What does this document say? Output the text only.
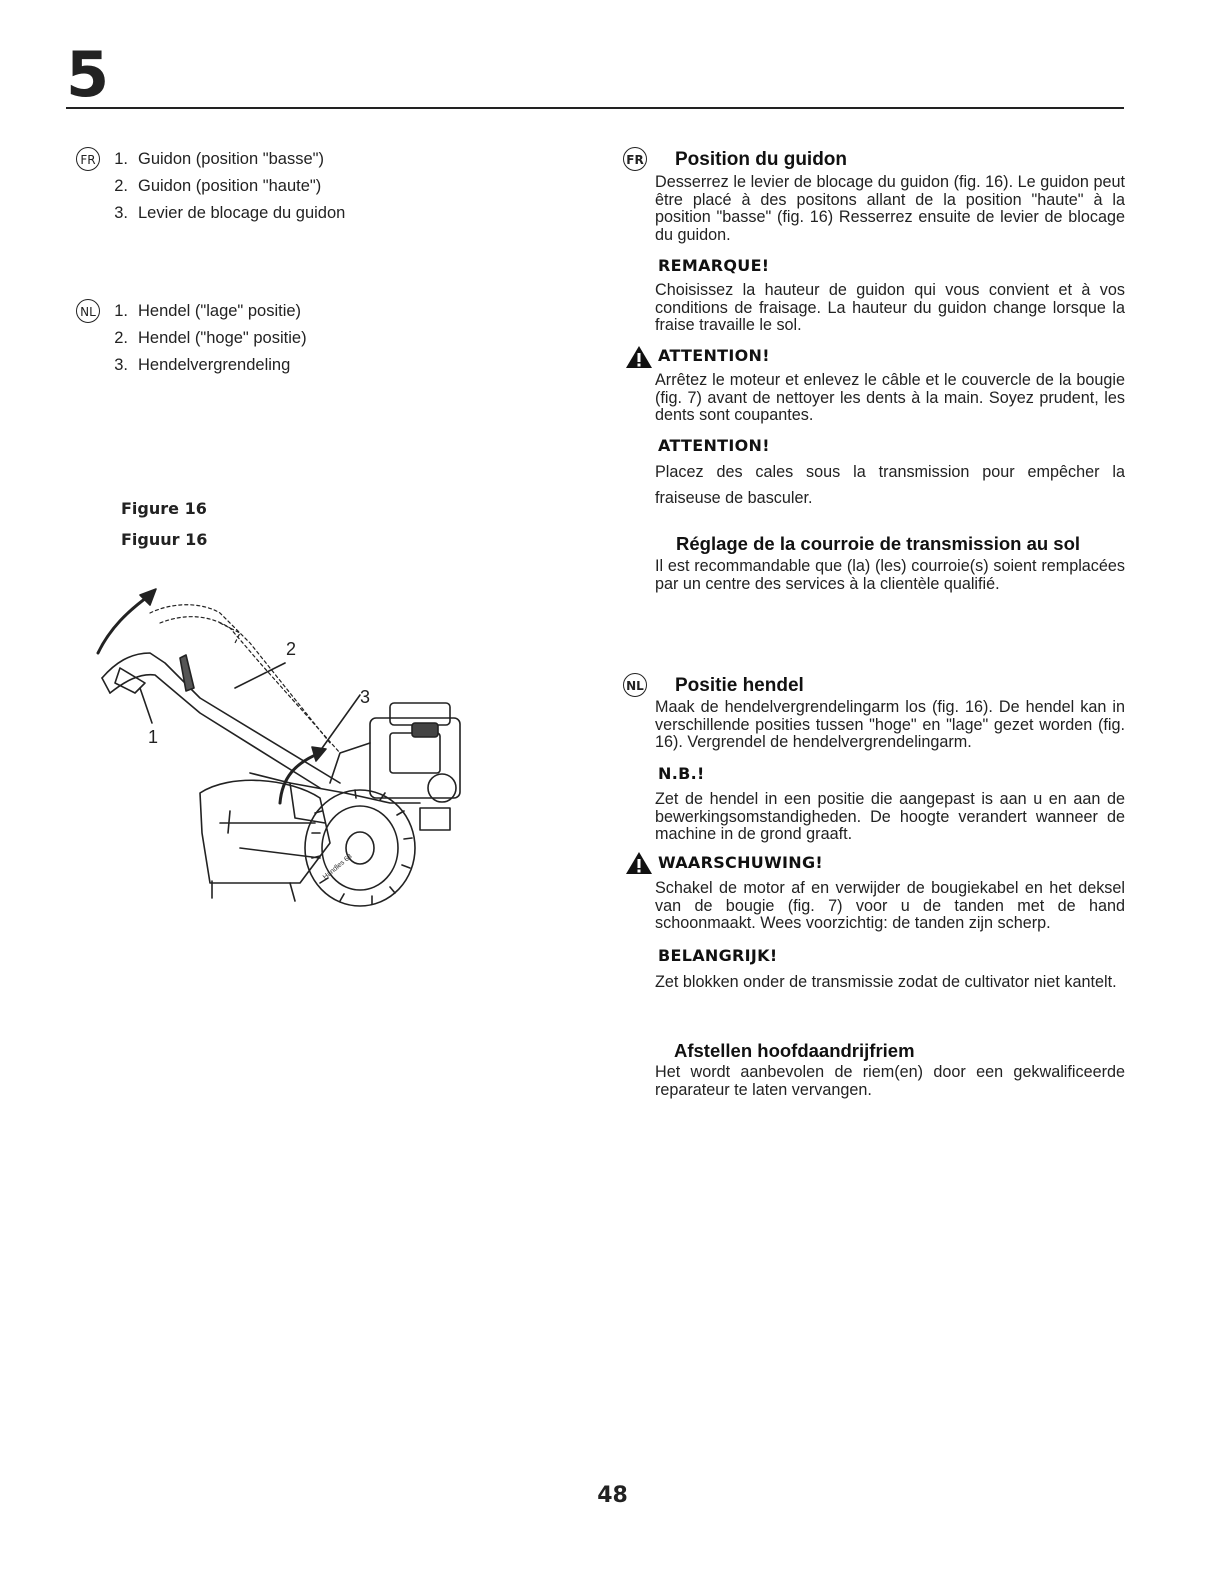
5
FR	1. Guidon (position "basse")
2. Guidon (position "haute")
3. Levier de blocage du guidon
NL	1. Hendel ("lage" positie)
2. Hendel ("hoge" positie)
3. Hendelvergrendeling
Figure 16
Figuur 16
2
3
1
Handles 63
FR Position du guidon
Desserrez le levier de blocage du guidon (fig. 16). Le guidon peut être placé à des positons allant de la position "haute" à la position "basse" (fig. 16) Resserrez ensuite de levier de blocage du guidon.
REMARQUE!
Choisissez la hauteur de guidon qui vous convient et à vos conditions de fraisage. La hauteur du guidon change lorsque la fraise travaille le sol.
ATTENTION!
Arrêtez le moteur et enlevez le câble et le couvercle de la bougie (fig. 7) avant de nettoyer les dents à la main. Soyez prudent, les dents sont coupantes.
ATTENTION!
Placez des cales sous la transmission pour empêcher la fraiseuse de basculer.
Réglage de la courroie de transmission au sol
Il est recommandable que (la) (les) courroie(s) soient remplacées par un centre des services à la clientèle qualifié.
NL Positie hendel
Maak de hendelvergrendelingarm los (fig. 16). De hendel kan in verschillende posities tussen "hoge" en "lage" gezet worden (fig. 16). Vergrendel de hendelvergrendelingarm.
N.B.!
Zet de hendel in een positie die aangepast is aan u en aan de bewerkingsomstandigheden. De hoogte verandert wanneer de machine in de grond graaft.
WAARSCHUWING!
Schakel de motor af en verwijder de bougiekabel en het deksel van de bougie (fig. 7) voor u de tanden met de hand schoonmaakt. Wees voorzichtig: de tanden zijn scherp.
BELANGRIJK!
Zet blokken onder de transmissie zodat de cultivator niet kantelt.
Afstellen hoofdaandrijfriem
Het wordt aanbevolen de riem(en) door een gekwalificeerde reparateur te laten vervangen.
48
